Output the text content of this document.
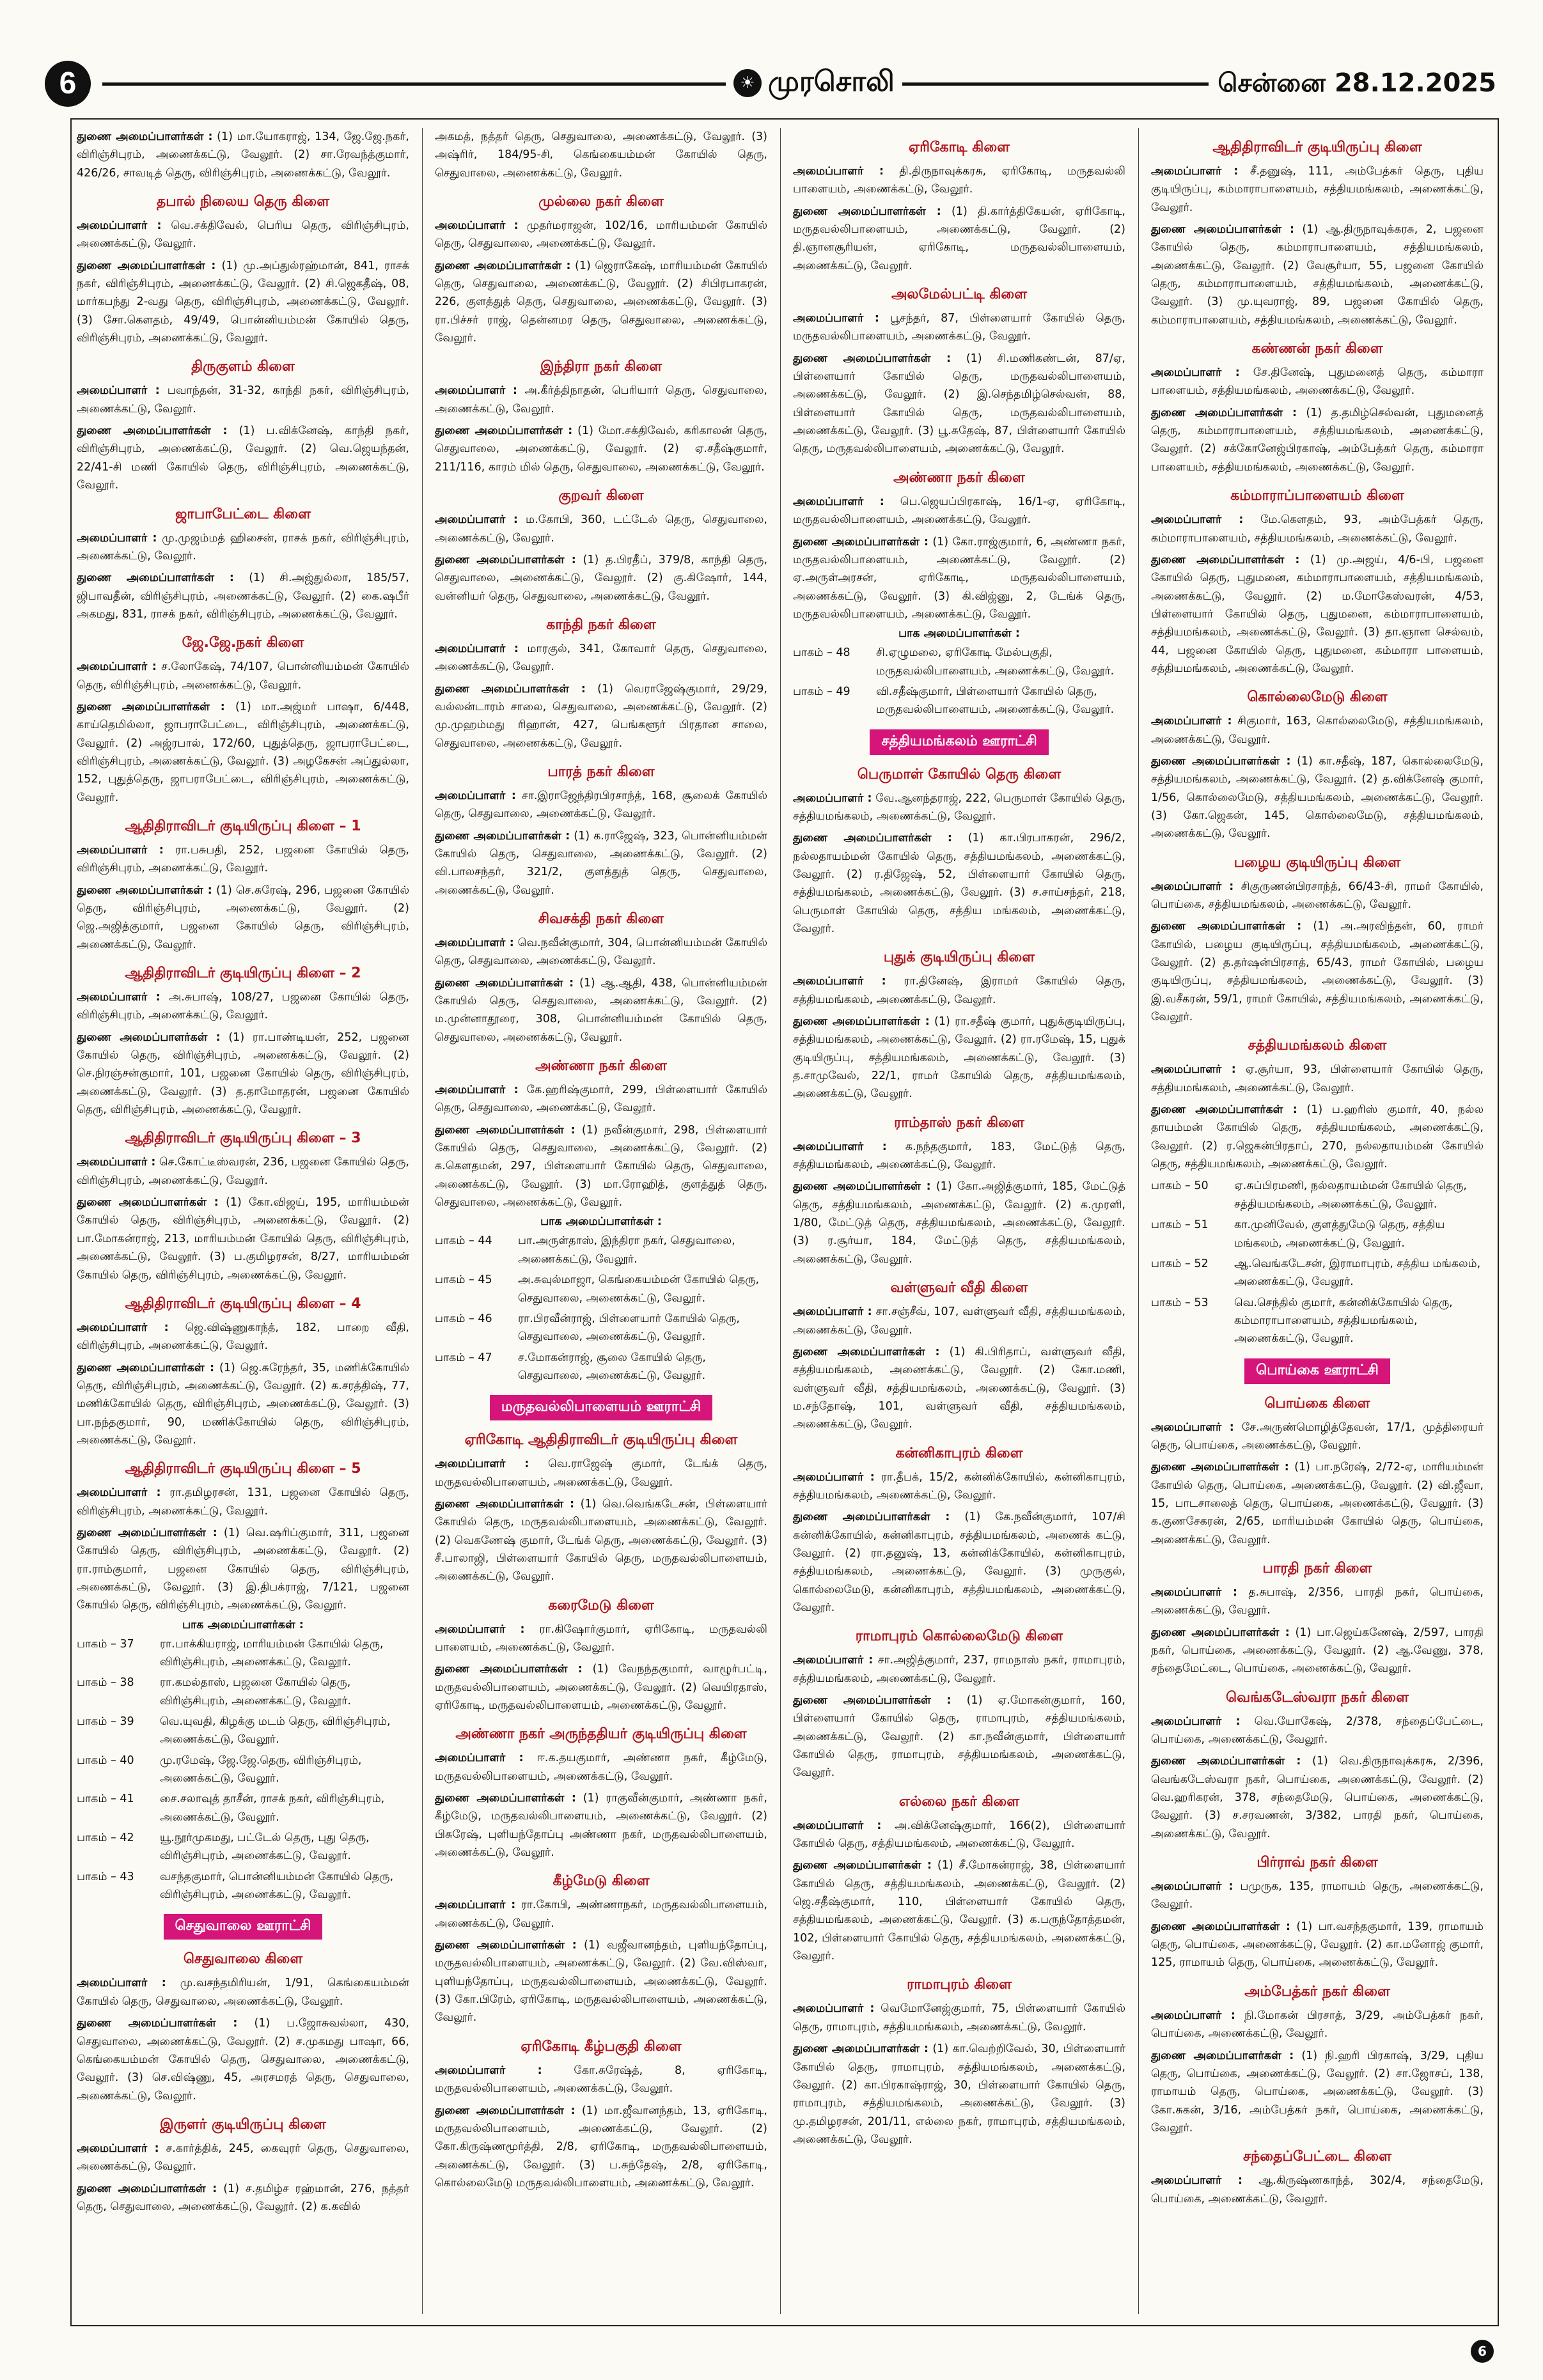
6	☀ முரசொலி	சென்னை 28.12.2025

துணை அமைப்பாளர்கள் : (1) மா.யோகராஜ், 134, ஜே.ஜே.நகர், விரிஞ்சிபுரம், அணைக்கட்டு, வேலூர். (2) சா.ரேவந்த்குமார், 426/26, சாவடித் தெரு, விரிஞ்சிபுரம், அணைக்கட்டு, வேலூர்.

தபால் நிலைய தெரு கிளை

அமைப்பாளர் : வெ.சக்திவேல், பெரிய தெரு, விரிஞ்சிபுரம், அணைக்கட்டு, வேலூர்.

துணை அமைப்பாளர்கள் : (1) மு.அப்துல்ரஹ்மான், 841, ராசக் நகர், விரிஞ்சிபுரம், அணைக்கட்டு, வேலூர். (2) சி.ஜெகதீஷ், 08, மார்கபந்து 2-வது தெரு, விரிஞ்சிபுரம், அணைக்கட்டு, வேலூர். (3) சோ.கௌதம், 49/49, பொன்னியம்மன் கோயில் தெரு, விரிஞ்சிபுரம், அணைக்கட்டு, வேலூர்.

திருகுளம் கிளை

அமைப்பாளர் : பவாந்தன், 31-32, காந்தி நகர், விரிஞ்சிபுரம், அணைக்கட்டு, வேலூர்.

துணை அமைப்பாளர்கள் : (1) ப.விக்னேஷ், காந்தி நகர், விரிஞ்சிபுரம், அணைக்கட்டு, வேலூர். (2) வெ.ஜெயந்தன், 22/41-சி மணி கோயில் தெரு, விரிஞ்சிபுரம், அணைக்கட்டு, வேலூர்.

ஜாபாபேட்டை கிளை

அமைப்பாளர் : மு.முஜம்மத் ஹிசைன், ராசக் நகர், விரிஞ்சிபுரம், அணைக்கட்டு, வேலூர்.

துணை அமைப்பாளர்கள் : (1) சி.அஜ்துல்லா, 185/57, ஜிபாவதீன், விரிஞ்சிபுரம், அணைக்கட்டு, வேலூர். (2) கை.ஷபீர் அகமது, 831, ராசக் நகர், விரிஞ்சிபுரம், அணைக்கட்டு, வேலூர்.

ஜே.ஜே.நகர் கிளை

அமைப்பாளர் : ச.லோகேஷ், 74/107, பொன்னியம்மன் கோயில் தெரு, விரிஞ்சிபுரம், அணைக்கட்டு, வேலூர்.

துணை அமைப்பாளர்கள் : (1) மா.அஜ்மர் பாஷா, 6/448, காய்தெமில்லா, ஜாபராபேட்டை, விரிஞ்சிபுரம், அணைக்கட்டு, வேலூர். (2) அஜ்ரபால், 172/60, புதுத்தெரு, ஜாபராபேட்டை, விரிஞ்சிபுரம், அணைக்கட்டு, வேலூர். (3) அழகேசன் அப்துல்லா, 152, புதுத்தெரு, ஜாபராபேட்டை, விரிஞ்சிபுரம், அணைக்கட்டு, வேலூர்.

ஆதிதிராவிடர் குடியிருப்பு கிளை – 1

அமைப்பாளர் : ரா.பசுபதி, 252, பஜனை கோயில் தெரு, விரிஞ்சிபுரம், அணைக்கட்டு, வேலூர்.

துணை அமைப்பாளர்கள் : (1) செ.சுரேஷ், 296, பஜனை கோயில் தெரு, விரிஞ்சிபுரம், அணைக்கட்டு, வேலூர். (2) ஜெ.அஜித்குமார், பஜனை கோயில் தெரு, விரிஞ்சிபுரம், அணைக்கட்டு, வேலூர்.

ஆதிதிராவிடர் குடியிருப்பு கிளை – 2

அமைப்பாளர் : அ.சுபாஷ், 108/27, பஜனை கோயில் தெரு, விரிஞ்சிபுரம், அணைக்கட்டு, வேலூர்.

துணை அமைப்பாளர்கள் : (1) ரா.பாண்டியன், 252, பஜனை கோயில் தெரு, விரிஞ்சிபுரம், அணைக்கட்டு, வேலூர். (2) செ.நிரஞ்சன்குமார், 101, பஜனை கோயில் தெரு, விரிஞ்சிபுரம், அணைக்கட்டு, வேலூர். (3) த.தாமோதரன், பஜனை கோயில் தெரு, விரிஞ்சிபுரம், அணைக்கட்டு, வேலூர்.

ஆதிதிராவிடர் குடியிருப்பு கிளை – 3

அமைப்பாளர் : செ.கோட்டீஸ்வரன், 236, பஜனை கோயில் தெரு, விரிஞ்சிபுரம், அணைக்கட்டு, வேலூர்.

துணை அமைப்பாளர்கள் : (1) கோ.விஜய், 195, மாரியம்மன் கோயில் தெரு, விரிஞ்சிபுரம், அணைக்கட்டு, வேலூர். (2) பா.மோகன்ராஜ், 213, மாரியம்மன் கோயில் தெரு, விரிஞ்சிபுரம், அணைக்கட்டு, வேலூர். (3) ப.குமிழரசன், 8/27, மாரியம்மன் கோயில் தெரு, விரிஞ்சிபுரம், அணைக்கட்டு, வேலூர்.

ஆதிதிராவிடர் குடியிருப்பு கிளை – 4

அமைப்பாளர் : ஜெ.விஷ்ணுகாந்த், 182, பாறை வீதி, விரிஞ்சிபுரம், அணைக்கட்டு, வேலூர்.

துணை அமைப்பாளர்கள் : (1) ஜெ.சுரேந்தர், 35, மணிக்கோயில் தெரு, விரிஞ்சிபுரம், அணைக்கட்டு, வேலூர். (2) க.சரத்திஷ், 77, மணிக்கோயில் தெரு, விரிஞ்சிபுரம், அணைக்கட்டு, வேலூர். (3) பா.நந்தகுமார், 90, மணிக்கோயில் தெரு, விரிஞ்சிபுரம், அணைக்கட்டு, வேலூர்.

ஆதிதிராவிடர் குடியிருப்பு கிளை – 5

அமைப்பாளர் : ரா.தமிழரசன், 131, பஜனை கோயில் தெரு, விரிஞ்சிபுரம், அணைக்கட்டு, வேலூர்.

துணை அமைப்பாளர்கள் : (1) வெ.ஷரிப்குமார், 311, பஜனை கோயில் தெரு, விரிஞ்சிபுரம், அணைக்கட்டு, வேலூர். (2) ரா.ராம்குமார், பஜனை கோயில் தெரு, விரிஞ்சிபுரம், அணைக்கட்டு, வேலூர். (3) இ.திபக்ராஜ், 7/121, பஜனை கோயில் தெரு, விரிஞ்சிபுரம், அணைக்கட்டு, வேலூர்.

பாக அமைப்பாளர்கள் :
பாகம் – 37	ரா.பாக்கியராஜ், மாரியம்மன் கோயில் தெரு, விரிஞ்சிபுரம், அணைக்கட்டு, வேலூர்.
பாகம் – 38	ரா.கமல்தாஸ், பஜனை கோயில் தெரு, விரிஞ்சிபுரம், அணைக்கட்டு, வேலூர்.
பாகம் – 39	வெ.யுவதி, கிழக்கு மடம் தெரு, விரிஞ்சிபுரம், அணைக்கட்டு, வேலூர்.
பாகம் – 40	மு.ரமேஷ், ஜே.ஜே.தெரு, விரிஞ்சிபுரம், அணைக்கட்டு, வேலூர்.
பாகம் – 41	சை.சலாவுத் தாசீன், ராசக் நகர், விரிஞ்சிபுரம், அணைக்கட்டு, வேலூர்.
பாகம் – 42	யூ.நூர்முகமது, பட்டேல் தெரு, புது தெரு, விரிஞ்சிபுரம், அணைக்கட்டு, வேலூர்.
பாகம் – 43	வசந்தகுமார், பொன்னியம்மன் கோயில் தெரு, விரிஞ்சிபுரம், அணைக்கட்டு, வேலூர்.
செதுவாலை ஊராட்சி
செதுவாலை கிளை

அமைப்பாளர் : மு.வசந்தமிரியன், 1/91, கெங்கையம்மன் கோயில் தெரு, செதுவாலை, அணைக்கட்டு, வேலூர்.

துணை அமைப்பாளர்கள் : (1) ப.ஜோசுவல்லா, 430, செதுவாலை, அணைக்கட்டு, வேலூர். (2) ச.முகமது பாஷா, 66, கெங்கையம்மன் கோயில் தெரு, செதுவாலை, அணைக்கட்டு, வேலூர். (3) செ.விஷ்ணு, 45, அரசமரத் தெரு, செதுவாலை, அணைக்கட்டு, வேலூர்.

இருளர் குடியிருப்பு கிளை

அமைப்பாளர் : ச.கார்த்திக், 245, கைவுரர் தெரு, செதுவாலை, அணைக்கட்டு, வேலூர்.

துணை அமைப்பாளர்கள் : (1) ச.தமிழ்ச ரஹ்மான், 276, நத்தர் தெரு, செதுவாலை, அணைக்கட்டு, வேலூர். (2) க.கவில்

அகமத், நத்தர் தெரு, செதுவாலை, அணைக்கட்டு, வேலூர். (3) அஷ்ரிர், 184/95-சி, கெங்கையம்மன் கோயில் தெரு, செதுவாலை, அணைக்கட்டு, வேலூர்.

முல்லை நகர் கிளை

அமைப்பாளர் : முதர்மராஜன், 102/16, மாரியம்மன் கோயில் தெரு, செதுவாலை, அணைக்கட்டு, வேலூர்.

துணை அமைப்பாளர்கள் : (1) ஜெராகேஷ், மாரியம்மன் கோயில் தெரு, செதுவாலை, அணைக்கட்டு, வேலூர். (2) சிபிரபாகரன், 226, குளத்துத் தெரு, செதுவாலை, அணைக்கட்டு, வேலூர். (3) ரா.பிச்சர் ராஜ், தென்னமர தெரு, செதுவாலை, அணைக்கட்டு, வேலூர்.

இந்திரா நகர் கிளை

அமைப்பாளர் : அ.கீர்த்திநாதன், பெரியார் தெரு, செதுவாலை, அணைக்கட்டு, வேலூர்.

துணை அமைப்பாளர்கள் : (1) மோ.சக்திவேல், கரிகாலன் தெரு, செதுவாலை, அணைக்கட்டு, வேலூர். (2) ஏ.சதீஷ்குமார், 211/116, காரம் மில் தெரு, செதுவாலை, அணைக்கட்டு, வேலூர்.

குறவர் கிளை

அமைப்பாளர் : ம.கோபி, 360, டட்டேல் தெரு, செதுவாலை, அணைக்கட்டு, வேலூர்.

துணை அமைப்பாளர்கள் : (1) த.பிரதீப், 379/8, காந்தி தெரு, செதுவாலை, அணைக்கட்டு, வேலூர். (2) கு.கிஷோர், 144, வன்னியர் தெரு, செதுவாலை, அணைக்கட்டு, வேலூர்.

காந்தி நகர் கிளை

அமைப்பாளர் : மாரகுல், 341, கோவார் தெரு, செதுவாலை, அணைக்கட்டு, வேலூர்.

துணை அமைப்பாளர்கள் : (1) வெராஜேஷ்குமார், 29/29, வல்லன்டாரம் சாலை, செதுவாலை, அணைக்கட்டு, வேலூர். (2) மு.முஹம்மது ரிஹான், 427, பெங்களூர் பிரதான சாலை, செதுவாலை, அணைக்கட்டு, வேலூர்.

பாரத் நகர் கிளை

அமைப்பாளர் : சா.இராஜேந்திரபிரசாந்த், 168, சூலைக் கோயில் தெரு, செதுவாலை, அணைக்கட்டு, வேலூர்.

துணை அமைப்பாளர்கள் : (1) க.ராஜேஷ், 323, பொன்னியம்மன் கோயில் தெரு, செதுவாலை, அணைக்கட்டு, வேலூர். (2) வி.பாலசந்தர், 321/2, குளத்துத் தெரு, செதுவாலை, அணைக்கட்டு, வேலூர்.

சிவசக்தி நகர் கிளை

அமைப்பாளர் : வெ.நவீன்குமார், 304, பொன்னியம்மன் கோயில் தெரு, செதுவாலை, அணைக்கட்டு, வேலூர்.

துணை அமைப்பாளர்கள் : (1) ஆ.ஆதி, 438, பொன்னியம்மன் கோயில் தெரு, செதுவாலை, அணைக்கட்டு, வேலூர். (2) ம.முன்னாதூரை, 308, பொன்னியம்மன் கோயில் தெரு, செதுவாலை, அணைக்கட்டு, வேலூர்.

அண்ணா நகர் கிளை

அமைப்பாளர் : கே.ஹரிஷ்குமார், 299, பிள்ளையார் கோயில் தெரு, செதுவாலை, அணைக்கட்டு, வேலூர்.

துணை அமைப்பாளர்கள் : (1) நவீன்குமார், 298, பிள்ளையார் கோயில் தெரு, செதுவாலை, அணைக்கட்டு, வேலூர். (2) க.கௌதமன், 297, பிள்ளையார் கோயில் தெரு, செதுவாலை, அணைக்கட்டு, வேலூர். (3) மா.ரோஹித், குளத்துத் தெரு, செதுவாலை, அணைக்கட்டு, வேலூர்.

பாக அமைப்பாளர்கள் :
பாகம் – 44	பா.அருள்தாஸ், இந்திரா நகர், செதுவாலை, அணைக்கட்டு, வேலூர்.
பாகம் – 45	அ.சுவுல்மாஜா, கெங்கையம்மன் கோயில் தெரு, செதுவாலை, அணைக்கட்டு, வேலூர்.
பாகம் – 46	ரா.பிரவீன்ராஜ், பிள்ளையார் கோயில் தெரு, செதுவாலை, அணைக்கட்டு, வேலூர்.
பாகம் – 47	ச.மோகன்ராஜ், சூலை கோயில் தெரு, செதுவாலை, அணைக்கட்டு, வேலூர்.
மருதவல்லிபாளையம் ஊராட்சி
ஏரிகோடி ஆதிதிராவிடர் குடியிருப்பு கிளை

அமைப்பாளர் : வெ.ராஜேஷ் குமார், டேங்க் தெரு, மருதவல்லிபாளையம், அணைக்கட்டு, வேலூர்.

துணை அமைப்பாளர்கள் : (1) வெ.வெங்கடேசன், பிள்ளையார் கோயில் தெரு, மருதவல்லிபாளையம், அணைக்கட்டு, வேலூர். (2) வெகணேஷ் குமார், டேங்க் தெரு, அணைக்கட்டு, வேலூர். (3) சீ.பாலாஜி, பிள்ளையார் கோயில் தெரு, மருதவல்லிபாளையம், அணைக்கட்டு, வேலூர்.

கரைமேடு கிளை

அமைப்பாளர் : ரா.கிஷோர்குமார், ஏரிகோடி, மருதவல்லி பாளையம், அணைக்கட்டு, வேலூர்.

துணை அமைப்பாளர்கள் : (1) வேநந்தகுமார், வாழூர்பட்டி, மருதவல்லிபாளையம், அணைக்கட்டு, வேலூர். (2) வெயிரதாஸ், ஏரிகோடி, மருதவல்லிபாளையம், அணைக்கட்டு, வேலூர்.

அண்ணா நகர் அருந்ததியர் குடியிருப்பு கிளை

அமைப்பாளர் : ஈ.க.தயகுமார், அண்ணா நகர், கீழ்மேடு, மருதவல்லிபாளையம், அணைக்கட்டு, வேலூர்.

துணை அமைப்பாளர்கள் : (1) ராகுவீன்குமார், அண்ணா நகர், கீழ்மேடு, மருதவல்லிபாளையம், அணைக்கட்டு, வேலூர். (2) பிசுரேஷ், புளியந்தோப்பு அண்ணா நகர், மருதவல்லிபாளையம், அணைக்கட்டு, வேலூர்.

கீழ்மேடு கிளை

அமைப்பாளர் : ரா.கோபி, அண்ணாநகர், மருதவல்லிபாளையம், அணைக்கட்டு, வேலூர்.

துணை அமைப்பாளர்கள் : (1) வஜீவானந்தம், புளியந்தோப்பு, மருதவல்லிபாளையம், அணைக்கட்டு, வேலூர். (2) வே.விஸ்வா, புளியந்தோப்பு, மருதவல்லிபாளையம், அணைக்கட்டு, வேலூர். (3) கோ.பிரேம், ஏரிகோடி, மருதவல்லிபாளையம், அணைக்கட்டு, வேலூர்.

ஏரிகோடி கீழ்பகுதி கிளை

அமைப்பாளர் :	கோ.சுரேஷ்த், 8, ஏரிகோடி, மருதவல்லிபாளையம், அணைக்கட்டு, வேலூர்.

துணை அமைப்பாளர்கள் : (1) மா.ஜீவானந்தம், 13, ஏரிகோடி, மருதவல்லிபாளையம், அணைக்கட்டு, வேலூர். (2) கோ.கிருஷ்ணமூர்த்தி, 2/8, ஏரிகோடி, மருதவல்லிபாளையம், அணைக்கட்டு, வேலூர். (3) ப.சுந்தேஷ், 2/8, ஏரிகோடி, கொல்லைமேடு மருதவல்லிபாளையம், அணைக்கட்டு, வேலூர்.

ஏரிகோடி கிளை

அமைப்பாளர் : தி.திருநாவுக்கரசு, ஏரிகோடி, மருதவல்லி பாளையம், அணைக்கட்டு, வேலூர்.

துணை அமைப்பாளர்கள் : (1) தி.கார்த்திகேயன், ஏரிகோடி, மருதவல்லிபாளையம், அணைக்கட்டு, வேலூர். (2) தி.ஞானசூரியன், ஏரிகோடி, மருதவல்லிபாளையம், அணைக்கட்டு, வேலூர்.

அலமேல்பட்டி கிளை

அமைப்பாளர் : பூசந்தர், 87, பிள்ளையார் கோயில் தெரு, மருதவல்லிபாளையம், அணைக்கட்டு, வேலூர்.

துணை அமைப்பாளர்கள் : (1) சி.மணிகண்டன், 87/ஏ, பிள்ளையார் கோயில் தெரு, மருதவல்லிபாளையம், அணைக்கட்டு, வேலூர். (2) இ.செந்தமிழ்செல்வன், 88, பிள்ளையார் கோயில் தெரு, மருதவல்லிபாளையம், அணைக்கட்டு, வேலூர். (3) பூ.சுதேஷ், 87, பிள்ளையார் கோயில் தெரு, மருதவல்லிபாளையம், அணைக்கட்டு, வேலூர்.

அண்ணா நகர் கிளை

அமைப்பாளர் : பெ.ஜெயப்பிரகாஷ், 16/1-ஏ, ஏரிகோடி, மருதவல்லிபாளையம், அணைக்கட்டு, வேலூர்.

துணை அமைப்பாளர்கள் : (1) கோ.ராஜ்குமார், 6, அண்ணா நகர், மருதவல்லிபாளையம், அணைக்கட்டு, வேலூர். (2) ஏ.அருள்அரசன், ஏரிகோடி, மருதவல்லிபாளையம், அணைக்கட்டு, வேலூர். (3) கி.விஜ்னு, 2, டேங்க் தெரு, மருதவல்லிபாளையம், அணைக்கட்டு, வேலூர்.

பாக அமைப்பாளர்கள் :
பாகம் – 48	சி.ஏழுமலை, ஏரிகோடி மேல்பகுதி, மருதவல்லிபாளையம், அணைக்கட்டு, வேலூர்.
பாகம் – 49	வி.சதீஷ்குமார், பிள்ளையார் கோயில் தெரு, மருதவல்லிபாளையம், அணைக்கட்டு, வேலூர்.
சத்தியமங்கலம் ஊராட்சி
பெருமாள் கோயில் தெரு கிளை

அமைப்பாளர் : வே.ஆனந்தராஜ், 222, பெருமாள் கோயில் தெரு, சத்தியமங்கலம், அணைக்கட்டு, வேலூர்.

துணை அமைப்பாளர்கள் : (1) கா.பிரபாகரன், 296/2, நல்லதாயம்மன் கோயில் தெரு, சத்தியமங்கலம், அணைக்கட்டு, வேலூர். (2) ர.திஜேஷ், 52, பிள்ளையார் கோயில் தெரு, சத்தியமங்கலம், அணைக்கட்டு, வேலூர். (3) ச.சாய்சந்தர், 218, பெருமாள் கோயில் தெரு, சத்திய மங்கலம், அணைக்கட்டு, வேலூர்.

புதுக் குடியிருப்பு கிளை

அமைப்பாளர் : ரா.தினேஷ், இராமர் கோயில் தெரு, சத்தியமங்கலம், அணைக்கட்டு, வேலூர்.

துணை அமைப்பாளர்கள் : (1) ரா.சதீஷ் குமார், புதுக்குடியிருப்பு, சத்தியமங்கலம், அணைக்கட்டு, வேலூர். (2) ரா.ரமேஷ், 15, புதுக் குடியிருப்பு, சத்தியமங்கலம், அணைக்கட்டு, வேலூர். (3) த.சாமுவேல், 22/1, ராமர் கோயில் தெரு, சத்தியமங்கலம், அணைக்கட்டு, வேலூர்.

ராம்தாஸ் நகர் கிளை

அமைப்பாளர் : க.நந்தகுமார், 183, மேட்டுத் தெரு, சத்தியமங்கலம், அணைக்கட்டு, வேலூர்.

துணை அமைப்பாளர்கள் : (1) கோ.அஜித்குமார், 185, மேட்டுத் தெரு, சத்தியமங்கலம், அணைக்கட்டு, வேலூர். (2) க.முரளி, 1/80, மேட்டுத் தெரு, சத்தியமங்கலம், அணைக்கட்டு, வேலூர். (3) ர.சூர்யா, 184, மேட்டுத் தெரு, சத்தியமங்கலம், அணைக்கட்டு, வேலூர்.

வள்ளுவர் வீதி கிளை

அமைப்பாளர் : சா.சஞ்சீவ், 107, வள்ளுவர் வீதி, சத்தியமங்கலம், அணைக்கட்டு, வேலூர்.

துணை அமைப்பாளர்கள் : (1) கி.பிரிதாப், வள்ளுவர் வீதி, சத்தியமங்கலம், அணைக்கட்டு, வேலூர். (2) கோ.மணி, வள்ளுவர் வீதி, சத்தியமங்கலம், அணைக்கட்டு, வேலூர். (3) ம.சந்தோஷ், 101, வள்ளுவர் வீதி, சத்தியமங்கலம், அணைக்கட்டு, வேலூர்.

கன்னிகாபுரம் கிளை

அமைப்பாளர் : ரா.தீபக், 15/2, கன்னிக்கோயில், கன்னிகாபுரம், சத்தியமங்கலம், அணைக்கட்டு, வேலூர்.

துணை அமைப்பாளர்கள் : (1) கே.நவீன்குமார், 107/சி கன்னிக்கோயில், கன்னிகாபுரம், சத்தியமங்கலம், அணைக் கட்டு, வேலூர். (2) ரா.தனுஷ், 13, கன்னிக்கோயில், கன்னிகாபுரம், சத்தியமங்கலம், அணைக்கட்டு, வேலூர். (3) முருகுல், கொல்லைமேடு, கன்னிகாபுரம், சத்தியமங்கலம், அணைக்கட்டு, வேலூர்.

ராமாபுரம் கொல்லைமேடு கிளை

அமைப்பாளர் : சா.அஜித்குமார், 237, ராமநாஸ் நகர், ராமாபுரம், சத்தியமங்கலம், அணைக்கட்டு, வேலூர்.

துணை அமைப்பாளர்கள் : (1) ஏ.மோகன்குமார், 160, பிள்ளையார் கோயில் தெரு, ராமாபுரம், சத்தியமங்கலம், அணைக்கட்டு, வேலூர். (2) கா.நவீன்குமார், பிள்ளையார் கோயில் தெரு, ராமாபுரம், சத்தியமங்கலம், அணைக்கட்டு, வேலூர்.

எல்லை நகர் கிளை

அமைப்பாளர் : அ.விக்னேஷ்குமார், 166(2), பிள்ளையார் கோயில் தெரு, சத்தியமங்கலம், அணைக்கட்டு, வேலூர்.

துணை அமைப்பாளர்கள் : (1) சீ.மோகன்ராஜ், 38, பிள்ளையார் கோயில் தெரு, சத்தியமங்கலம், அணைக்கட்டு, வேலூர். (2) ஜெ.சதீஷ்குமார், 110, பிள்ளையார் கோயில் தெரு, சத்தியமங்கலம், அணைக்கட்டு, வேலூர். (3) க.பருந்தோத்தமன், 102, பிள்ளையார் கோயில் தெரு, சத்தியமங்கலம், அணைக்கட்டு, வேலூர்.

ராமாபுரம் கிளை

அமைப்பாளர் : வெமோனேஜ்குமார், 75, பிள்ளையார் கோயில் தெரு, ராமாபுரம், சத்தியமங்கலம், அணைக்கட்டு, வேலூர்.

துணை அமைப்பாளர்கள் : (1) கா.வெற்றிவேல், 30, பிள்ளையார் கோயில் தெரு, ராமாபுரம், சத்தியமங்கலம், அணைக்கட்டு, வேலூர். (2) கா.பிரகாஷ்ராஜ், 30, பிள்ளையார் கோயில் தெரு, ராமாபுரம், சத்தியமங்கலம், அணைக்கட்டு, வேலூர். (3) மு.தமிழரசன், 201/11, எல்லை நகர், ராமாபுரம், சத்தியமங்கலம், அணைக்கட்டு, வேலூர்.

ஆதிதிராவிடர் குடியிருப்பு கிளை

அமைப்பாளர் : சீ.தனுஷ், 111, அம்பேத்கர் தெரு, புதிய குடியிருப்பு, கம்மாராபாளையம், சத்தியமங்கலம், அணைக்கட்டு, வேலூர்.

துணை அமைப்பாளர்கள் : (1) ஆ.திருநாவுக்கரசு, 2, பஜனை கோயில் தெரு, கம்மாராபாளையம், சத்தியமங்கலம், அணைக்கட்டு, வேலூர். (2) வேசூர்யா, 55, பஜனை கோயில் தெரு, கம்மாராபாளையம், சத்தியமங்கலம், அணைக்கட்டு, வேலூர். (3) மு.யுவராஜ், 89, பஜனை கோயில் தெரு, கம்மாராபாளையம், சத்தியமங்கலம், அணைக்கட்டு, வேலூர்.

கண்ணன் நகர் கிளை

அமைப்பாளர் : சே.தினேஷ், புதுமனைத் தெரு, கம்மாரா பாளையம், சத்தியமங்கலம், அணைக்கட்டு, வேலூர்.

துணை அமைப்பாளர்கள் : (1) த.தமிழ்செல்வன், புதுமனைத் தெரு, கம்மாராபாளையம், சத்தியமங்கலம், அணைக்கட்டு, வேலூர். (2) சக்கோனேஜ்பிரகாஷ், அம்பேத்கர் தெரு, கம்மாரா பாளையம், சத்தியமங்கலம், அணைக்கட்டு, வேலூர்.

கம்மாராப்பாளையம் கிளை

அமைப்பாளர் : மே.கௌதம், 93, அம்பேத்கர் தெரு, கம்மாராபாளையம், சத்தியமங்கலம், அணைக்கட்டு, வேலூர்.

துணை அமைப்பாளர்கள் : (1) மு.அஜய், 4/6-பி, பஜனை கோயில் தெரு, புதுமனை, கம்மாராபாளையம், சத்தியமங்கலம், அணைக்கட்டு, வேலூர். (2) ம.மோகேஸ்வரன், 4/53, பிள்ளையார் கோயில் தெரு, புதுமனை, கம்மாராபாளையம், சத்தியமங்கலம், அணைக்கட்டு, வேலூர். (3) தா.ஞான செல்வம், 44, பஜனை கோயில் தெரு, புதுமனை, கம்மாரா பாளையம், சத்தியமங்கலம், அணைக்கட்டு, வேலூர்.

கொல்லைமேடு கிளை

அமைப்பாளர் : சிகுமார், 163, கொல்லைமேடு, சத்தியமங்கலம், அணைக்கட்டு, வேலூர்.

துணை அமைப்பாளர்கள் : (1) கா.சதீஷ், 187, கொல்லைமேடு, சத்தியமங்கலம், அணைக்கட்டு, வேலூர். (2) த.விக்னேஷ் குமார், 1/56, கொல்லைமேடு, சத்தியமங்கலம், அணைக்கட்டு, வேலூர். (3) கோ.ஜெகன், 145, கொல்லைமேடு, சத்தியமங்கலம், அணைக்கட்டு, வேலூர்.

பழைய குடியிருப்பு கிளை

அமைப்பாளர் : சிகுருணன்பிரசாந்த், 66/43-சி, ராமர் கோயில், பொய்கை, சத்தியமங்கலம், அணைக்கட்டு, வேலூர்.

துணை அமைப்பாளர்கள் : (1) அ.அரவிந்தன், 60, ராமர் கோயில், பழைய குடியிருப்பு, சத்தியமங்கலம், அணைக்கட்டு, வேலூர். (2) த.தர்ஷன்பிரசாத், 65/43, ராமர் கோயில், பழைய குடியிருப்பு, சத்தியமங்கலம், அணைக்கட்டு, வேலூர். (3) இ.வசீகரன், 59/1, ராமர் கோயில், சத்தியமங்கலம், அணைக்கட்டு, வேலூர்.

சத்தியமங்கலம் கிளை

அமைப்பாளர் : ஏ.சூர்யா, 93, பிள்ளையார் கோயில் தெரு, சத்தியமங்கலம், அணைக்கட்டு, வேலூர்.

துணை அமைப்பாளர்கள் : (1) ப.ஹரிஸ் குமார், 40, நல்ல தாயம்மன் கோயில் தெரு, சத்தியமங்கலம், அணைக்கட்டு, வேலூர். (2) ர.ஜெகன்பிரதாப், 270, நல்லதாயம்மன் கோயில் தெரு, சத்தியமங்கலம், அணைக்கட்டு, வேலூர்.

பாகம் – 50	ஏ.சுப்பிரமணி, நல்லதாயம்மன் கோயில் தெரு, சத்தியமங்கலம், அணைக்கட்டு, வேலூர்.
பாகம் – 51	கா.முனிவேல், குளத்துமேடு தெரு, சத்திய மங்கலம், அணைக்கட்டு, வேலூர்.
பாகம் – 52	ஆ.வெங்கடேசன், இராமாபுரம், சத்திய மங்கலம், அணைக்கட்டு, வேலூர்.
பாகம் – 53	வெ.செந்தில் குமார், கன்னிக்கோயில் தெரு, கம்மாராபாளையம், சத்தியமங்கலம், அணைக்கட்டு, வேலூர்.
பொய்கை ஊராட்சி
பொய்கை கிளை

அமைப்பாளர் : சே.அருண்மொழித்தேவன், 17/1, முத்திரையர் தெரு, பொய்கை, அணைக்கட்டு, வேலூர்.

துணை அமைப்பாளர்கள் : (1) பா.நரேஷ், 2/72-ஏ, மாரியம்மன் கோயில் தெரு, பொய்கை, அணைக்கட்டு, வேலூர். (2) வி.ஜீவா, 15, பாடசாலைத் தெரு, பொய்கை, அணைக்கட்டு, வேலூர். (3) க.குணசேகரன், 2/65, மாரியம்மன் கோயில் தெரு, பொய்கை, அணைக்கட்டு, வேலூர்.

பாரதி நகர் கிளை

அமைப்பாளர் : த.சுபாஷ், 2/356, பாரதி நகர், பொய்கை, அணைக்கட்டு, வேலூர்.

துணை அமைப்பாளர்கள் : (1) பா.ஜெய்கணேஷ், 2/597, பாரதி நகர், பொய்கை, அணைக்கட்டு, வேலூர். (2) ஆ.வேணு, 378, சந்தைமேட்டை, பொய்கை, அணைக்கட்டு, வேலூர்.

வெங்கடேஸ்வரா நகர் கிளை

அமைப்பாளர் : வெ.யோகேஷ், 2/378, சந்தைப்பேட்டை, பொய்கை, அணைக்கட்டு, வேலூர்.

துணை அமைப்பாளர்கள் : (1) வெ.திருநாவுக்கரசு, 2/396, வெங்கடேஸ்வரா நகர், பொய்கை, அணைக்கட்டு, வேலூர். (2) வெ.ஹரிகரன், 378, சந்தைமேடு, பொய்கை, அணைக்கட்டு, வேலூர். (3) ச.சரவணன், 3/382, பாரதி நகர், பொய்கை, அணைக்கட்டு, வேலூர்.

பிர்ராவ் நகர் கிளை

அமைப்பாளர் : பமுருக, 135, ராமாயம் தெரு, அணைக்கட்டு, வேலூர்.

துணை அமைப்பாளர்கள் : (1) பா.வசந்தகுமார், 139, ராமாயம் தெரு, பொய்கை, அணைக்கட்டு, வேலூர். (2) கா.மனோஜ் குமார், 125, ராமாயம் தெரு, பொய்கை, அணைக்கட்டு, வேலூர்.

அம்பேத்கர் நகர் கிளை

அமைப்பாளர் : நி.மோகன் பிரசாத், 3/29, அம்பேத்கர் நகர், பொய்கை, அணைக்கட்டு, வேலூர்.

துணை அமைப்பாளர்கள் : (1) நி.ஹரி பிரகாஷ், 3/29, புதிய தெரு, பொய்கை, அணைக்கட்டு, வேலூர். (2) சா.ஜோசப், 138, ராமாயம் தெரு, பொய்கை, அணைக்கட்டு, வேலூர். (3) கோ.சுகன், 3/16, அம்பேத்கர் நகர், பொய்கை, அணைக்கட்டு, வேலூர்.

சந்தைப்பேட்டை கிளை

அமைப்பாளர் : ஆ.கிருஷ்ணகாந்த், 302/4, சந்தைமேடு, பொய்கை, அணைக்கட்டு, வேலூர்.

6
